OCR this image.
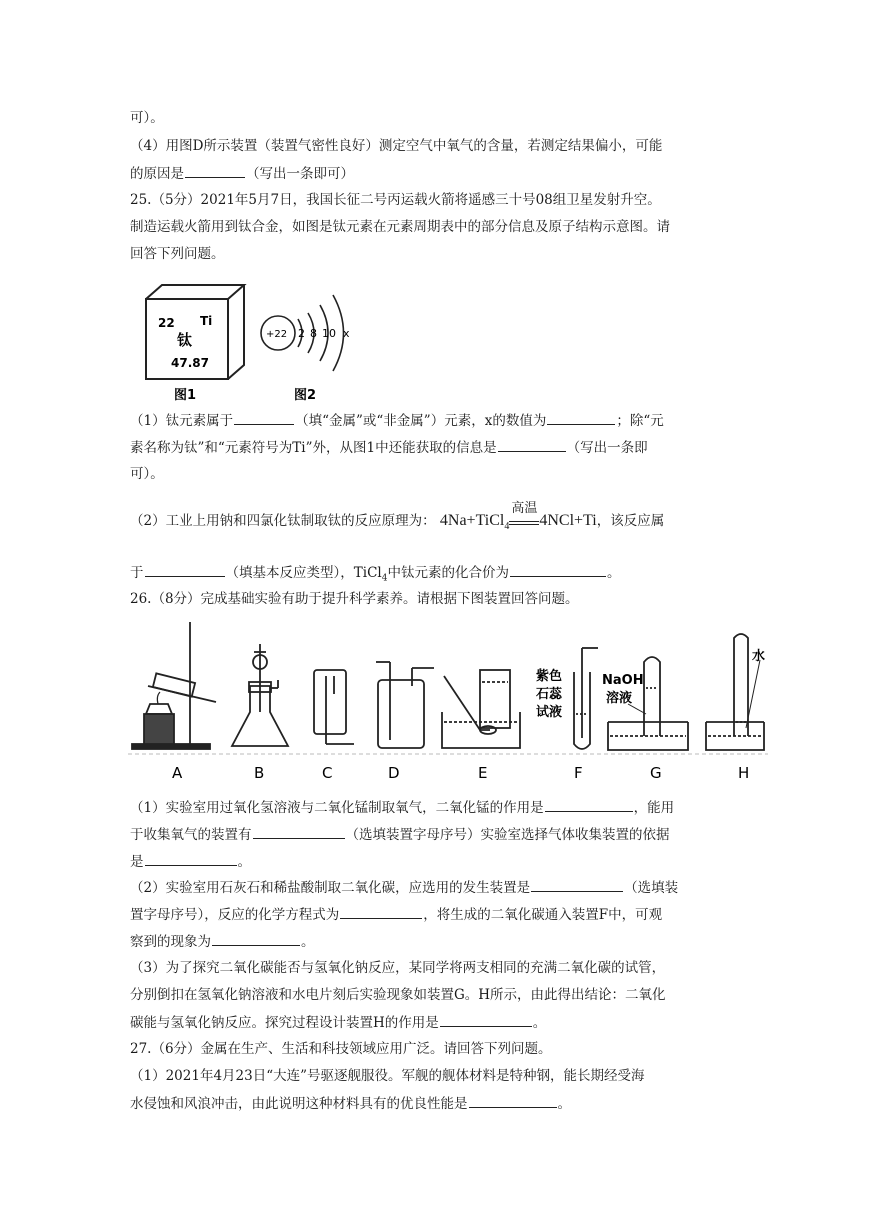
可）。
（4）用图D所示装置（装置气密性良好）测定空气中氧气的含量，若测定结果偏小，可能
的原因是	（写出一条即可）
25.（5分）2021年5月7日，我国长征二号丙运载火箭将遥感三十号08组卫星发射升空。
制造运载火箭用到钛合金，如图是钛元素在元素周期表中的部分信息及原子结构示意图。请
回答下列问题。
22 Ti
钛
47.87
+22 2 8 10 x
图1	图2
（1）钛元素属于	（填“金属”或“非金属”）元素，x的数值为	；除“元
素名称为钛”和“元素符号为Ti”外，从图1中还能获取的信息是	（写出一条即
可）。
（2）工业上用钠和四氯化钛制取钛的反应原理为： 4Na+TiCl$_4$
高温
4NCl+Ti，该反应属
于	（填基本反应类型），TiCl$_4$中钛元素的化合价为	。
26.（8分）完成基础实验有助于提升科学素养。请根据下图装置回答问题。
紫色
石蕊
试液
NaOH
溶液
水
A	B	C	D	E	F	G	H
（1）实验室用过氧化氢溶液与二氧化锰制取氧气，二氧化锰的作用是	，能用
于收集氧气的装置有	（选填装置字母序号）实验室选择气体收集装置的依据
是	。
（2）实验室用石灰石和稀盐酸制取二氧化碳，应选用的发生装置是	（选填装
置字母序号），反应的化学方程式为	，将生成的二氧化碳通入装置F中，可观
察到的现象为	。
（3）为了探究二氧化碳能否与氢氧化钠反应，某同学将两支相同的充满二氧化碳的试管，
分别倒扣在氢氧化钠溶液和水电片刻后实验现象如装置G。H所示，由此得出结论：二氧化
碳能与氢氧化钠反应。探究过程设计装置H的作用是	。
27.（6分）金属在生产、生活和科技领域应用广泛。请回答下列问题。
（1）2021年4月23日“大连”号驱逐舰服役。军舰的舰体材料是特种钢，能长期经受海
水侵蚀和风浪冲击，由此说明这种材料具有的优良性能是	。
